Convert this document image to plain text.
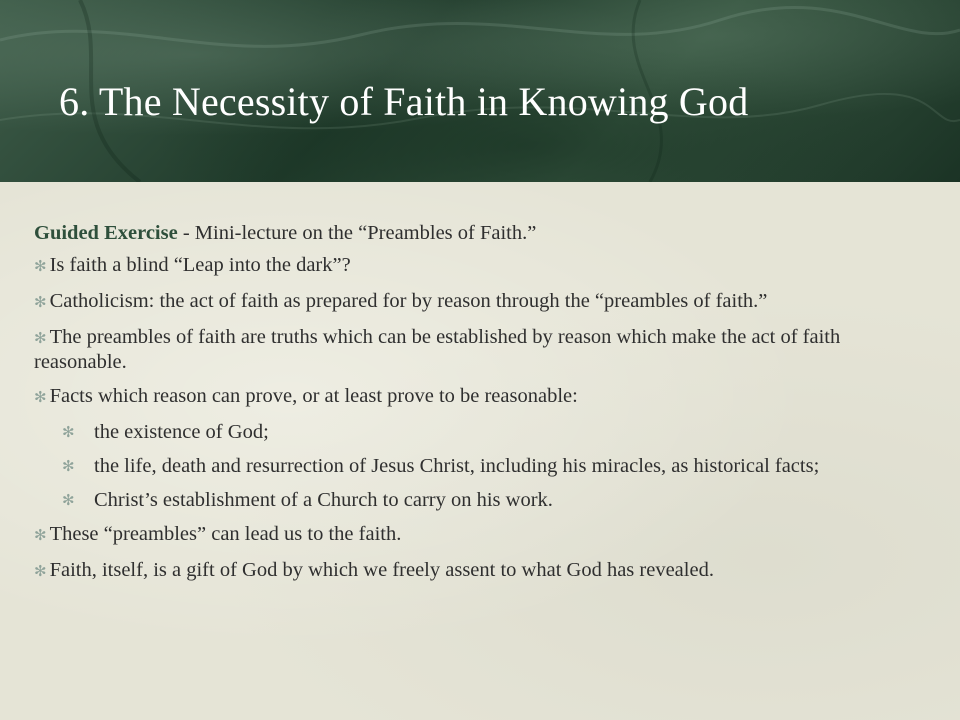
6. The Necessity of Faith in Knowing God
Guided Exercise - Mini-lecture on the “Preambles of Faith.”
✻ Is faith a blind “Leap into the dark”?
✻ Catholicism: the act of faith as prepared for by reason through the “preambles of faith.”
✻ The preambles of faith are truths which can be established by reason which make the act of faith reasonable.
✻ Facts which reason can prove, or at least prove to be reasonable:
✻ the existence of God;
✻ the life, death and resurrection of Jesus Christ, including his miracles, as historical facts;
✻ Christ’s establishment of a Church to carry on his work.
✻ These “preambles” can lead us to the faith.
✻ Faith, itself, is a gift of God by which we freely assent to what God has revealed.
